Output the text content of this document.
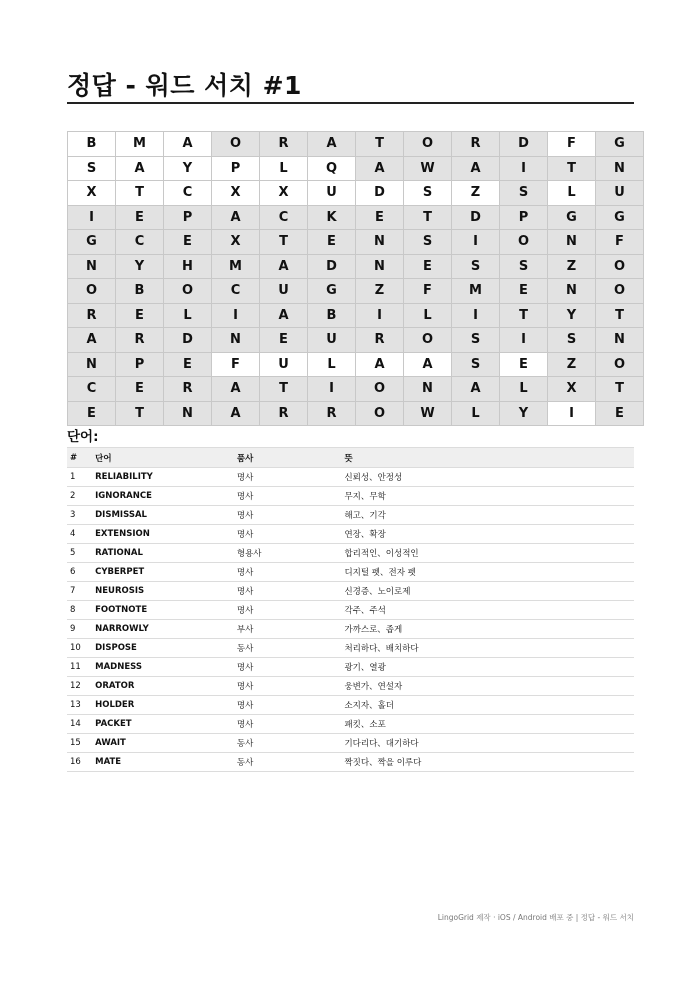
정답 - 워드 서치 #1
B	M	A	O	R	A	T	O	R	D	F	G
S	A	Y	P	L	Q	A	W	A	I	T	N
X	T	C	X	X	U	D	S	Z	S	L	U
I	E	P	A	C	K	E	T	D	P	G	G
G	C	E	X	T	E	N	S	I	O	N	F
N	Y	H	M	A	D	N	E	S	S	Z	O
O	B	O	C	U	G	Z	F	M	E	N	O
R	E	L	I	A	B	I	L	I	T	Y	T
A	R	D	N	E	U	R	O	S	I	S	N
N	P	E	F	U	L	A	A	S	E	Z	O
C	E	R	A	T	I	O	N	A	L	X	T
E	T	N	A	R	R	O	W	L	Y	I	E
단어:
#	단어	품사	뜻
1	RELIABILITY	명사	신뢰성、안정성
2	IGNORANCE	명사	무지、무학
3	DISMISSAL	명사	해고、기각
4	EXTENSION	명사	연장、확장
5	RATIONAL	형용사	합리적인、이성적인
6	CYBERPET	명사	디지털 펫、전자 펫
7	NEUROSIS	명사	신경증、노이로제
8	FOOTNOTE	명사	각주、주석
9	NARROWLY	부사	가까스로、좁게
10	DISPOSE	동사	처리하다、배치하다
11	MADNESS	명사	광기、열광
12	ORATOR	명사	웅변가、연설자
13	HOLDER	명사	소지자、홀더
14	PACKET	명사	패킷、소포
15	AWAIT	동사	기다리다、대기하다
16	MATE	동사	짝짓다、짝을 이루다
LingoGrid 제작 · iOS / Android 배포 중 | 정답 - 워드 서치
